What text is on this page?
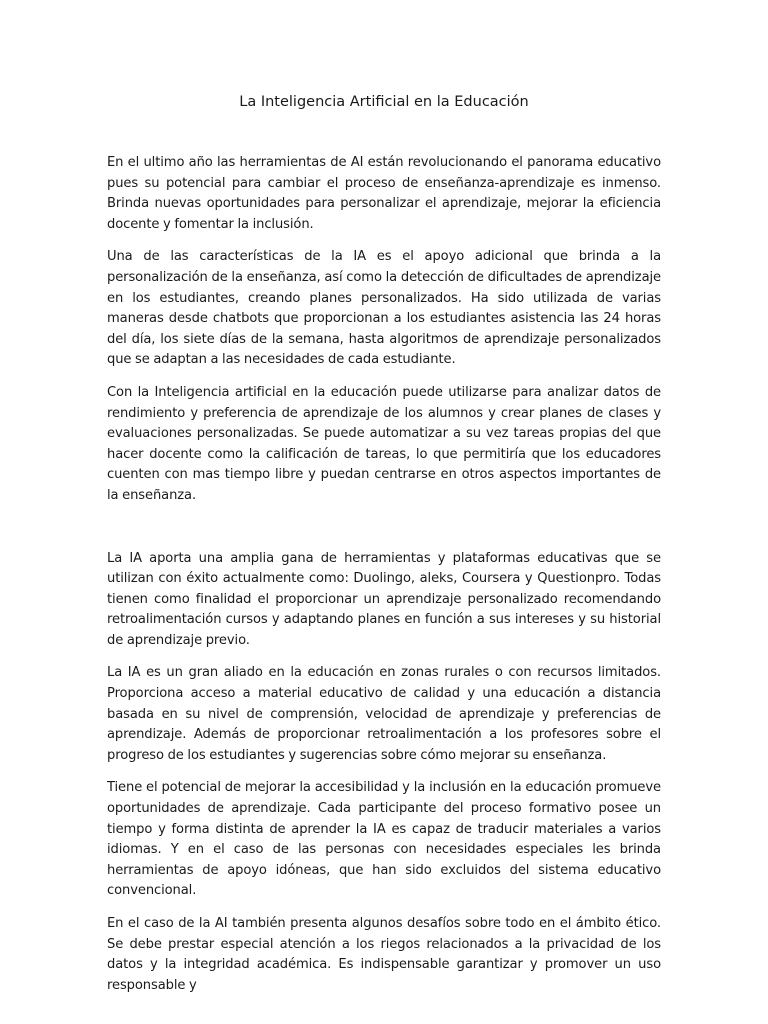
La Inteligencia Artificial en la Educación

En el ultimo año las herramientas de AI están revolucionando el panorama educativo pues su potencial para cambiar el proceso de enseñanza-aprendizaje es inmenso. Brinda nuevas oportunidades para personalizar el aprendizaje, mejorar la eficiencia docente y fomentar la inclusión.

Una de las características de la IA es el apoyo adicional que brinda a la personalización de la enseñanza, así como la detección de dificultades de aprendizaje en los estudiantes, creando planes personalizados. Ha sido utilizada de varias maneras desde chatbots que proporcionan a los estudiantes asistencia las 24 horas del día, los siete días de la semana, hasta algoritmos de aprendizaje personalizados que se adaptan a las necesidades de cada estudiante.

Con la Inteligencia artificial en la educación puede utilizarse para analizar datos de rendimiento y preferencia de aprendizaje de los alumnos y crear planes de clases y evaluaciones personalizadas. Se puede automatizar a su vez tareas propias del que hacer docente como la calificación de tareas, lo que permitiría que los educadores cuenten con mas tiempo libre y puedan centrarse en otros aspectos importantes de la enseñanza.

La IA aporta una amplia gana de herramientas y plataformas educativas que se utilizan con éxito actualmente como: Duolingo, aleks, Coursera y Questionpro. Todas tienen como finalidad el proporcionar un aprendizaje personalizado recomendando retroalimentación cursos y adaptando planes en función a sus intereses y su historial de aprendizaje previo.

La IA es un gran aliado en la educación en zonas rurales o con recursos limitados. Proporciona acceso a material educativo de calidad y una educación a distancia basada en su nivel de comprensión, velocidad de aprendizaje y preferencias de aprendizaje. Además de proporcionar retroalimentación a los profesores sobre el progreso de los estudiantes y sugerencias sobre cómo mejorar su enseñanza.

Tiene el potencial de mejorar la accesibilidad y la inclusión en la educación promueve oportunidades de aprendizaje. Cada participante del proceso formativo posee un tiempo y forma distinta de aprender la IA es capaz de traducir materiales a varios idiomas. Y en el caso de las personas con necesidades especiales les brinda herramientas de apoyo idóneas, que han sido excluidos del sistema educativo convencional.

En el caso de la AI también presenta algunos desafíos sobre todo en el ámbito ético. Se debe prestar especial atención a los riegos relacionados a la privacidad de los datos y la integridad académica. Es indispensable garantizar y promover un uso responsable y
